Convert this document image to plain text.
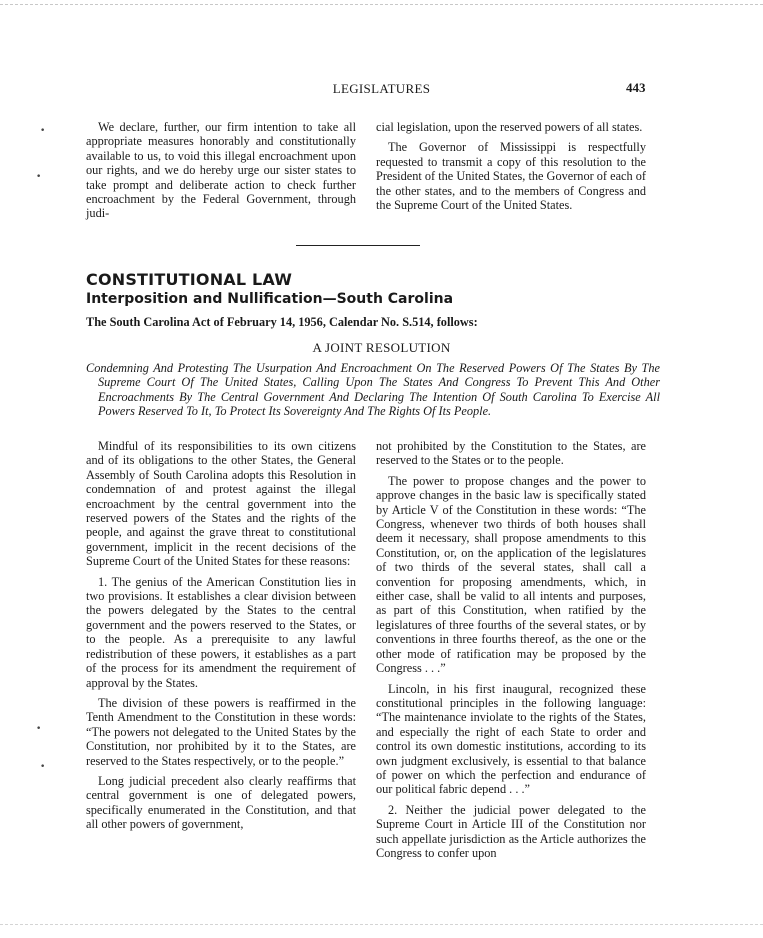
LEGISLATURES	443

We declare, further, our firm intention to take all appropriate measures honorably and constitutionally available to us, to void this illegal encroachment upon our rights, and we do hereby urge our sister states to take prompt and deliberate action to check further encroachment by the Federal Government, through judi-

cial legislation, upon the reserved powers of all states.

The Governor of Mississippi is respectfully requested to transmit a copy of this resolution to the President of the United States, the Governor of each of the other states, and to the members of Congress and the Supreme Court of the United States.

CONSTITUTIONAL LAW
Interposition and Nullification—South Carolina
The South Carolina Act of February 14, 1956, Calendar No. S.514, follows:
A JOINT RESOLUTION
Condemning And Protesting The Usurpation And Encroachment On The Reserved Powers Of The States By The Supreme Court Of The United States, Calling Upon The States And Congress To Prevent This And Other Encroachments By The Central Government And Declaring The Intention Of South Carolina To Exercise All Powers Reserved To It, To Protect Its Sovereignty And The Rights Of Its People.

Mindful of its responsibilities to its own citizens and of its obligations to the other States, the General Assembly of South Carolina adopts this Resolution in condemnation of and protest against the illegal encroachment by the central government into the reserved powers of the States and the rights of the people, and against the grave threat to constitutional government, implicit in the recent decisions of the Supreme Court of the United States for these reasons:

1. The genius of the American Constitution lies in two provisions. It establishes a clear division between the powers delegated by the States to the central government and the powers reserved to the States, or to the people. As a prerequisite to any lawful redistribution of these powers, it establishes as a part of the process for its amendment the requirement of approval by the States.

The division of these powers is reaffirmed in the Tenth Amendment to the Constitution in these words: “The powers not delegated to the United States by the Constitution, nor prohibited by it to the States, are reserved to the States respectively, or to the people.”

Long judicial precedent also clearly reaffirms that central government is one of delegated powers, specifically enumerated in the Constitution, and that all other powers of government,

not prohibited by the Constitution to the States, are reserved to the States or to the people.

The power to propose changes and the power to approve changes in the basic law is specifically stated by Article V of the Constitution in these words: “The Congress, whenever two thirds of both houses shall deem it necessary, shall propose amendments to this Constitution, or, on the application of the legislatures of two thirds of the several states, shall call a convention for proposing amendments, which, in either case, shall be valid to all intents and purposes, as part of this Constitution, when ratified by the legislatures of three fourths of the several states, or by conventions in three fourths thereof, as the one or the other mode of ratification may be proposed by the Congress . . .”

Lincoln, in his first inaugural, recognized these constitutional principles in the following language: “The maintenance inviolate to the rights of the States, and especially the right of each State to order and control its own domestic institutions, according to its own judgment exclusively, is essential to that balance of power on which the perfection and endurance of our political fabric depend . . .”

2. Neither the judicial power delegated to the Supreme Court in Article III of the Constitution nor such appellate jurisdiction as the Article authorizes the Congress to confer upon

•
•
•
•
